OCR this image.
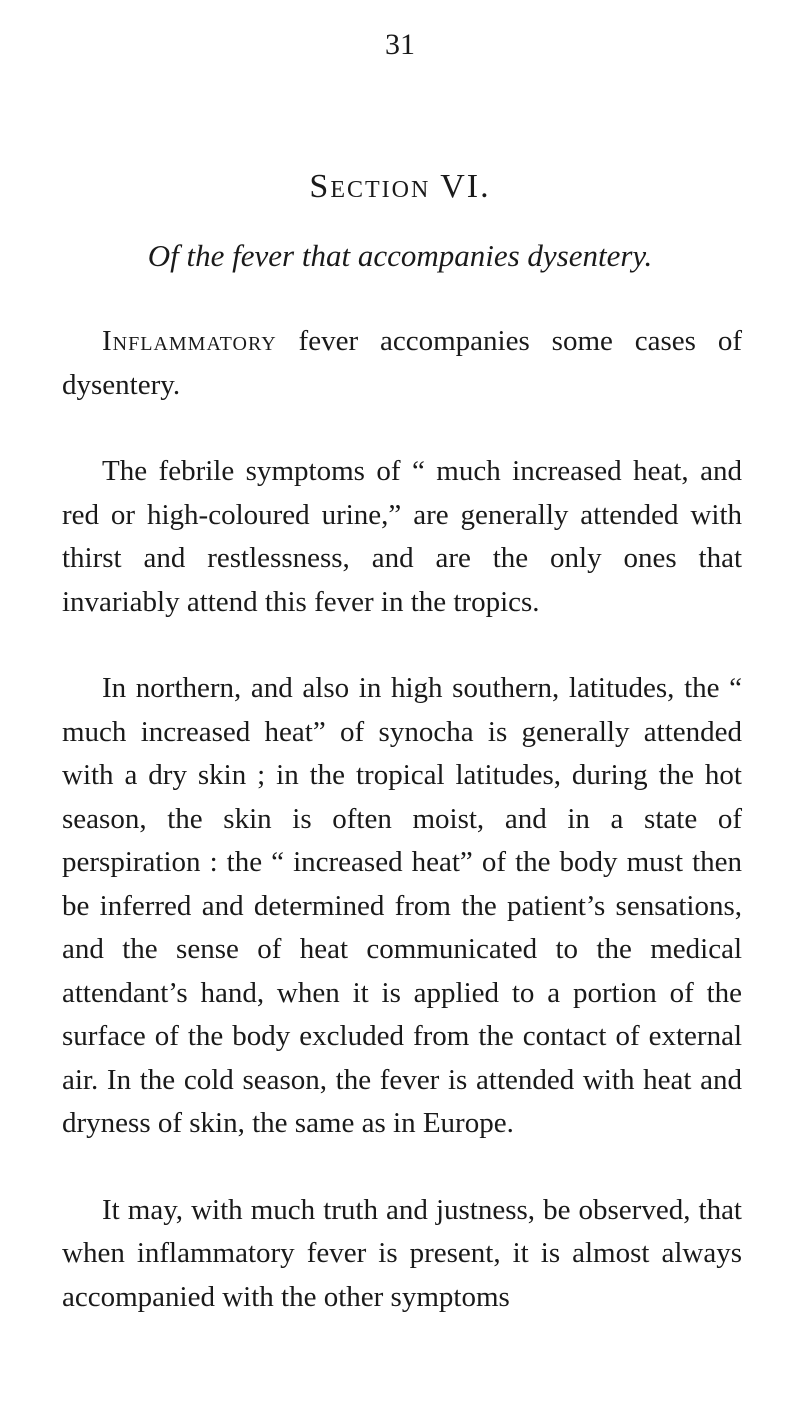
31
Section VI.
Of the fever that accompanies dysentery.

Inflammatory fever accompanies some cases of dysentery.

The febrile symptoms of “ much increased heat, and red or high-coloured urine,” are generally attended with thirst and restlessness, and are the only ones that invariably attend this fever in the tropics.

In northern, and also in high southern, latitudes, the “ much increased heat” of synocha is generally attended with a dry skin ; in the tropical latitudes, during the hot season, the skin is often moist, and in a state of perspiration : the “ increased heat” of the body must then be inferred and determined from the patient’s sensations, and the sense of heat communicated to the medical attendant’s hand, when it is applied to a portion of the surface of the body excluded from the contact of external air. In the cold season, the fever is attended with heat and dryness of skin, the same as in Europe.

It may, with much truth and justness, be observed, that when inflammatory fever is present, it is almost always accompanied with the other symptoms
